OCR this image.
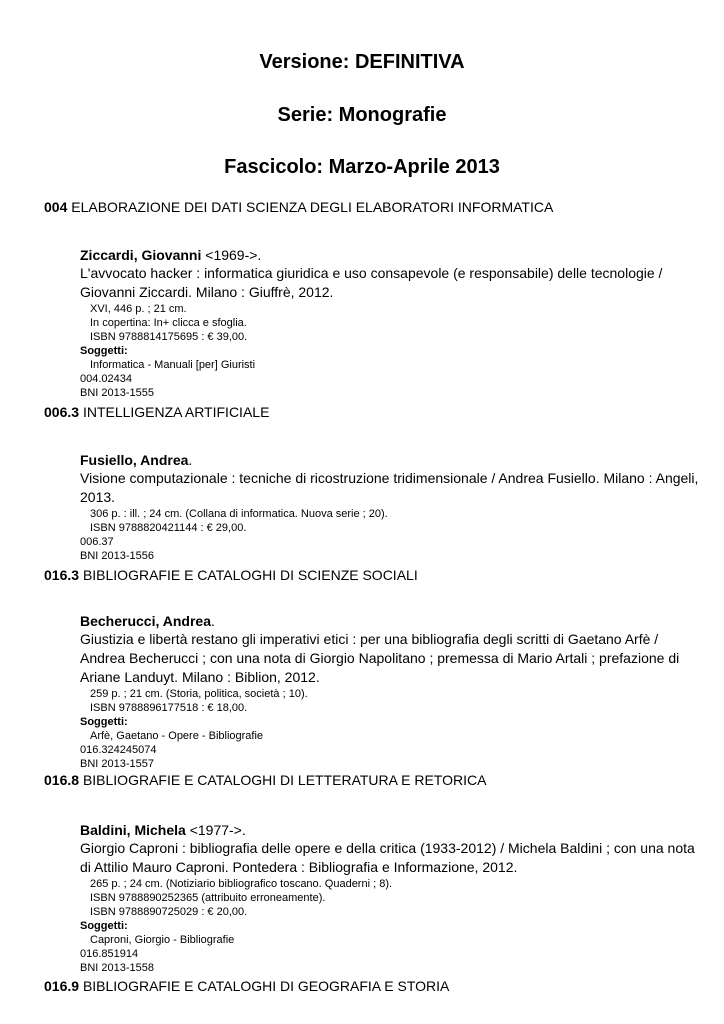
Versione: DEFINITIVA
Serie: Monografie
Fascicolo: Marzo-Aprile 2013
004 ELABORAZIONE DEI DATI SCIENZA DEGLI ELABORATORI INFORMATICA
Ziccardi, Giovanni <1969->.
L'avvocato hacker : informatica giuridica e uso consapevole (e responsabile) delle tecnologie / Giovanni Ziccardi. Milano : Giuffrè, 2012.
XVI, 446 p. ; 21 cm.
In copertina: In+ clicca e sfoglia.
ISBN 9788814175695 : € 39,00.
Soggetti:
Informatica - Manuali [per] Giuristi
004.02434
BNI 2013-1555
006.3 INTELLIGENZA ARTIFICIALE
Fusiello, Andrea.
Visione computazionale : tecniche di ricostruzione tridimensionale / Andrea Fusiello. Milano : Angeli, 2013.
306 p. : ill. ; 24 cm. (Collana di informatica. Nuova serie ; 20).
ISBN 9788820421144 : € 29,00.
006.37
BNI 2013-1556
016.3 BIBLIOGRAFIE E CATALOGHI DI SCIENZE SOCIALI
Becherucci, Andrea.
Giustizia e libertà restano gli imperativi etici : per una bibliografia degli scritti di Gaetano Arfè / Andrea Becherucci ; con una nota di Giorgio Napolitano ; premessa di Mario Artali ; prefazione di Ariane Landuyt. Milano : Biblion, 2012.
259 p. ; 21 cm. (Storia, politica, società ; 10).
ISBN 9788896177518 : € 18,00.
Soggetti:
Arfè, Gaetano - Opere - Bibliografie
016.324245074
BNI 2013-1557
016.8 BIBLIOGRAFIE E CATALOGHI DI LETTERATURA E RETORICA
Baldini, Michela <1977->.
Giorgio Caproni : bibliografia delle opere e della critica (1933-2012) / Michela Baldini ; con una nota di Attilio Mauro Caproni. Pontedera : Bibliografia e Informazione, 2012.
265 p. ; 24 cm. (Notiziario bibliografico toscano. Quaderni ; 8).
ISBN 9788890252365 (attribuito erroneamente).
ISBN 9788890725029 : € 20,00.
Soggetti:
Caproni, Giorgio - Bibliografie
016.851914
BNI 2013-1558
016.9 BIBLIOGRAFIE E CATALOGHI DI GEOGRAFIA E STORIA
